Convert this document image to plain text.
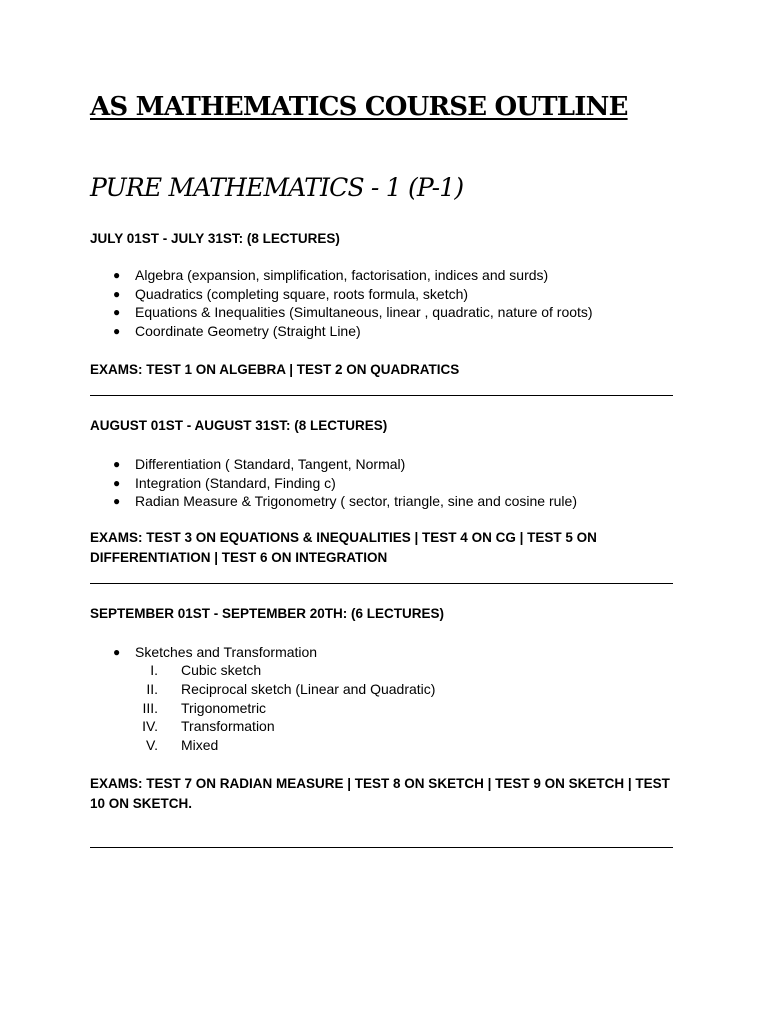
AS MATHEMATICS COURSE OUTLINE
PURE MATHEMATICS - 1 (P-1)

JULY 01ST - JULY 31ST: (8 LECTURES)

● Algebra (expansion, simplification, factorisation, indices and surds)
● Quadratics (completing square, roots formula, sketch)
● Equations & Inequalities (Simultaneous, linear , quadratic, nature of roots)
● Coordinate Geometry (Straight Line)

EXAMS: TEST 1 ON ALGEBRA | TEST 2 ON QUADRATICS

AUGUST 01ST - AUGUST 31ST: (8 LECTURES)

● Differentiation ( Standard, Tangent, Normal)
● Integration (Standard, Finding c)
● Radian Measure & Trigonometry ( sector, triangle, sine and cosine rule)

EXAMS: TEST 3 ON EQUATIONS & INEQUALITIES | TEST 4 ON CG | TEST 5 ON DIFFERENTIATION | TEST 6 ON INTEGRATION

SEPTEMBER 01ST - SEPTEMBER 20TH: (6 LECTURES)

● Sketches and Transformation
I. Cubic sketch
II. Reciprocal sketch (Linear and Quadratic)
III. Trigonometric
IV. Transformation
V. Mixed

EXAMS: TEST 7 ON RADIAN MEASURE | TEST 8 ON SKETCH | TEST 9 ON SKETCH | TEST 10 ON SKETCH.
